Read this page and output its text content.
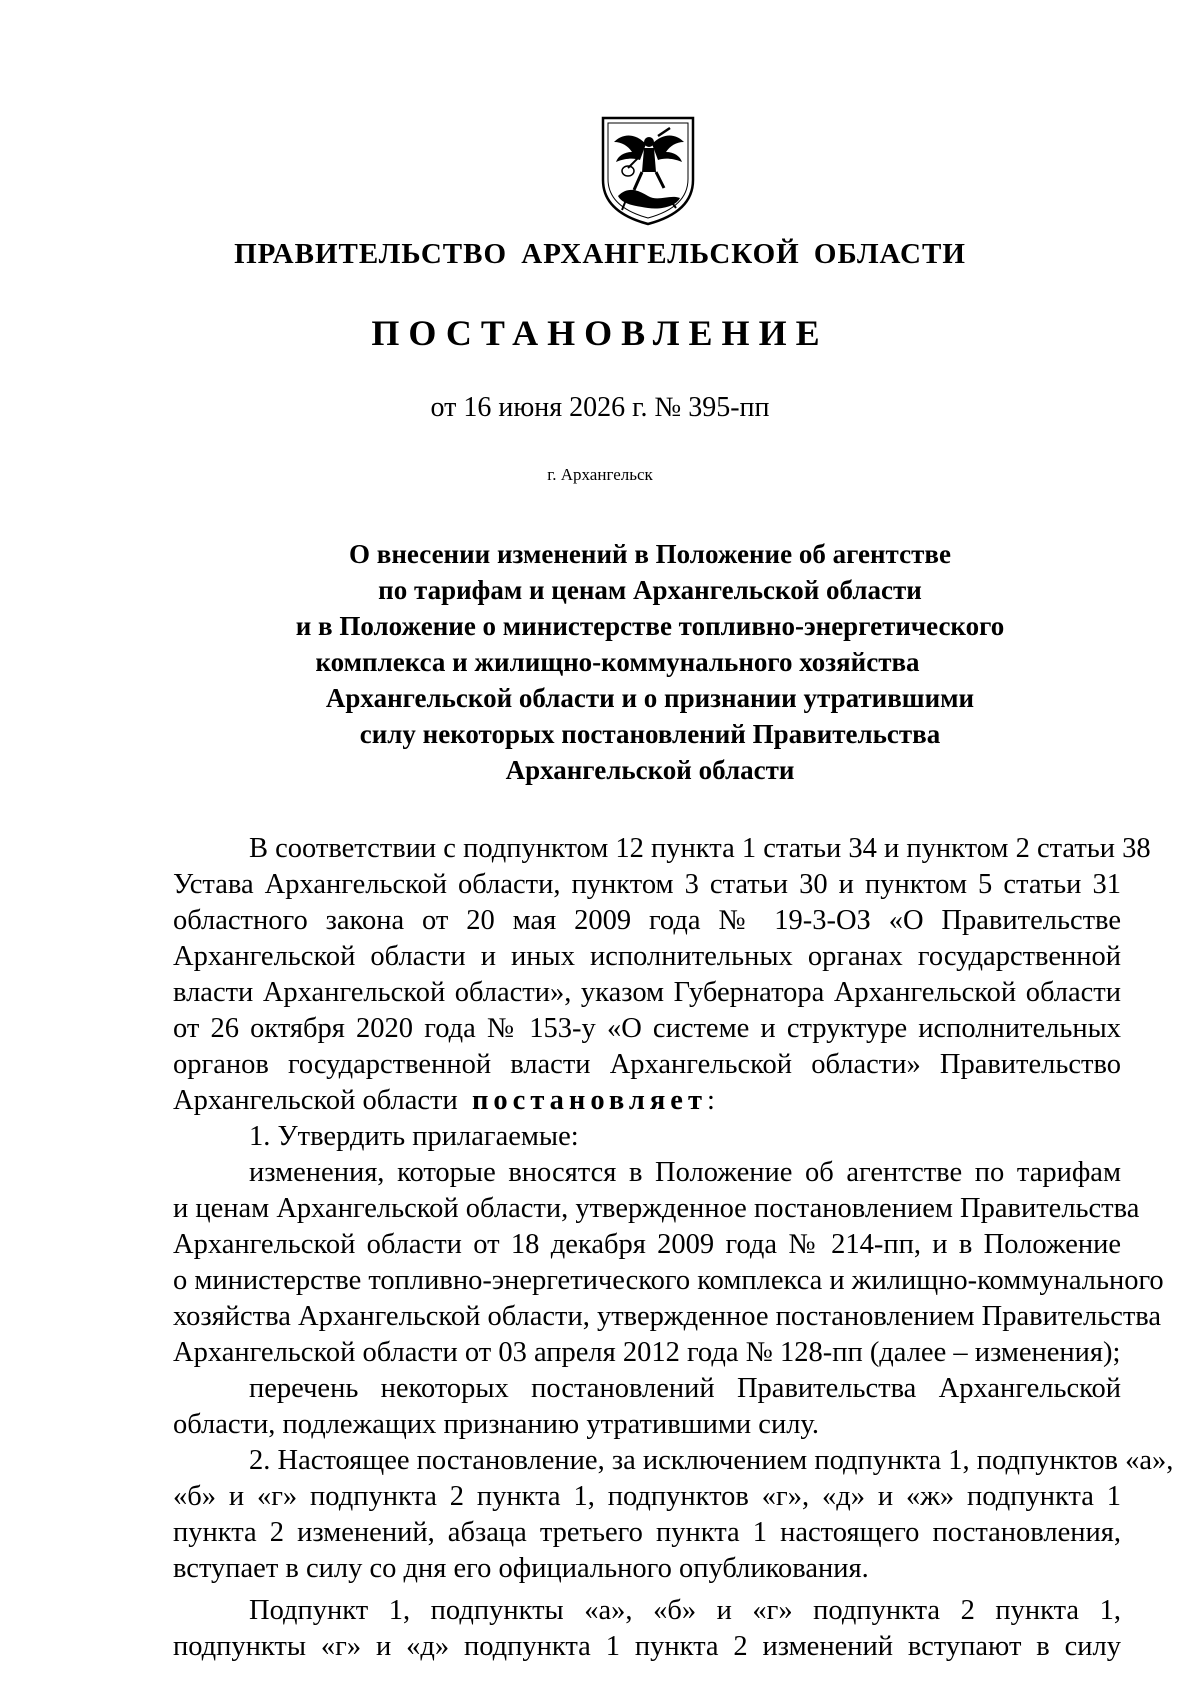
ПРАВИТЕЛЬСТВО АРХАНГЕЛЬСКОЙ ОБЛАСТИ
ПОСТАНОВЛЕНИЕ
от 16 июня 2026 г. № 395-пп
г. Архангельск
О внесении изменений в Положение об агентстве
по тарифам и ценам Архангельской области
и в Положение о министерстве топливно-энергетического
комплекса и жилищно-коммунального хозяйства
Архангельской области и о признании утратившими
силу некоторых постановлений Правительства
Архангельской области
В соответствии с подпунктом 12 пункта 1 статьи 34 и пунктом 2 статьи 38
Устава Архангельской области, пунктом 3 статьи 30 и пунктом 5 статьи 31
областного закона от 20 мая 2009 года № 19-3-ОЗ «О Правительстве
Архангельской области и иных исполнительных органах государственной
власти Архангельской области», указом Губернатора Архангельской области
от 26 октября 2020 года № 153-у «О системе и структуре исполнительных
органов государственной власти Архангельской области» Правительство
Архангельской области постановляет:
1. Утвердить прилагаемые:
изменения, которые вносятся в Положение об агентстве по тарифам
и ценам Архангельской области, утвержденное постановлением Правительства
Архангельской области от 18 декабря 2009 года № 214-пп, и в Положение
о министерстве топливно-энергетического комплекса и жилищно-коммунального
хозяйства Архангельской области, утвержденное постановлением Правительства
Архангельской области от 03 апреля 2012 года № 128-пп (далее – изменения);
перечень некоторых постановлений Правительства Архангельской
области, подлежащих признанию утратившими силу.
2. Настоящее постановление, за исключением подпункта 1, подпунктов «а»,
«б» и «г» подпункта 2 пункта 1, подпунктов «г», «д» и «ж» подпункта 1
пункта 2 изменений, абзаца третьего пункта 1 настоящего постановления,
вступает в силу со дня его официального опубликования.
Подпункт 1, подпункты «а», «б» и «г» подпункта 2 пункта 1,
подпункты «г» и «д» подпункта 1 пункта 2 изменений вступают в силу
